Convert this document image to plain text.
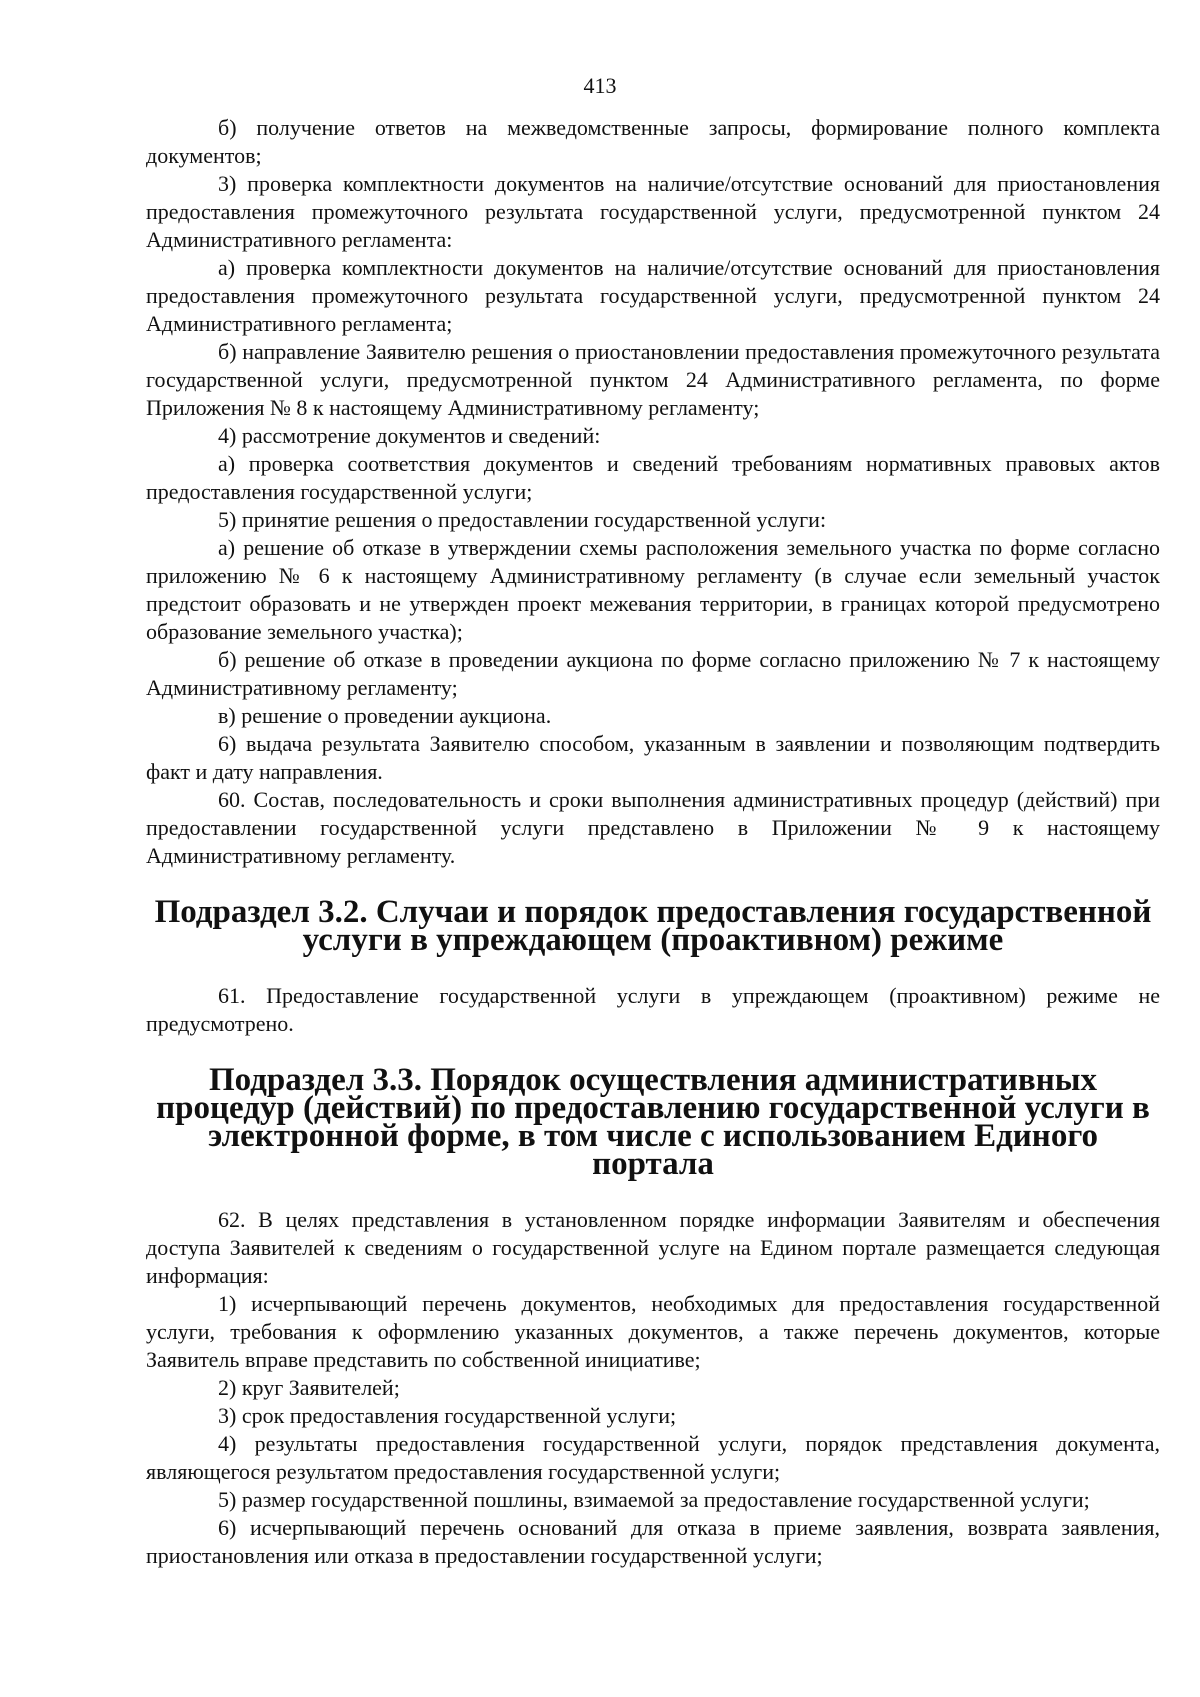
413

б) получение ответов на межведомственные запросы, формирование полного комплекта документов;

3) проверка комплектности документов на наличие/отсутствие оснований для приостановления предоставления промежуточного результата государственной услуги, предусмотренной пунктом 24 Административного регламента:

а) проверка комплектности документов на наличие/отсутствие оснований для приостановления предоставления промежуточного результата государственной услуги, предусмотренной пунктом 24 Административного регламента;

б) направление Заявителю решения о приостановлении предоставления промежуточного результата государственной услуги, предусмотренной пунктом 24 Административного регламента, по форме Приложения № 8 к настоящему Административному регламенту;

4) рассмотрение документов и сведений:

а) проверка соответствия документов и сведений требованиям нормативных правовых актов предоставления государственной услуги;

5) принятие решения о предоставлении государственной услуги:

а) решение об отказе в утверждении схемы расположения земельного участка по форме согласно приложению № 6 к настоящему Административному регламенту (в случае если земельный участок предстоит образовать и не утвержден проект межевания территории, в границах которой предусмотрено образование земельного участка);

б) решение об отказе в проведении аукциона по форме согласно приложению № 7 к настоящему Административному регламенту;

в) решение о проведении аукциона.

6) выдача результата Заявителю способом, указанным в заявлении и позволяющим подтвердить факт и дату направления.

60. Состав, последовательность и сроки выполнения административных процедур (действий) при предоставлении государственной услуги представлено в Приложении № 9 к настоящему Административному регламенту.

Подраздел 3.2. Случаи и порядок предоставления государственной услуги в упреждающем (проактивном) режиме

61. Предоставление государственной услуги в упреждающем (проактивном) режиме не предусмотрено.

Подраздел 3.3. Порядок осуществления административных процедур (действий) по предоставлению государственной услуги в электронной форме, в том числе с использованием Единого портала

62. В целях представления в установленном порядке информации Заявителям и обеспечения доступа Заявителей к сведениям о государственной услуге на Едином портале размещается следующая информация:

1) исчерпывающий перечень документов, необходимых для предоставления государственной услуги, требования к оформлению указанных документов, а также перечень документов, которые Заявитель вправе представить по собственной инициативе;

2) круг Заявителей;

3) срок предоставления государственной услуги;

4) результаты предоставления государственной услуги, порядок представления документа, являющегося результатом предоставления государственной услуги;

5) размер государственной пошлины, взимаемой за предоставление государственной услуги;

6) исчерпывающий перечень оснований для отказа в приеме заявления, возврата заявления, приостановления или отказа в предоставлении государственной услуги;
